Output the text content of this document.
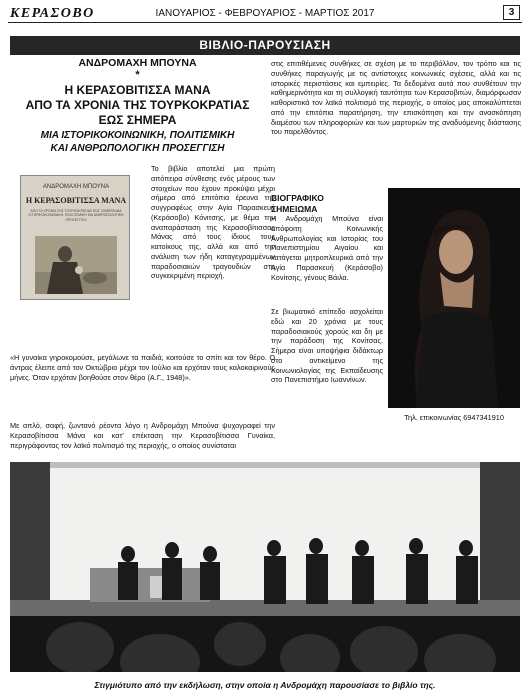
ΚΕΡΑΣΟΒΟ	ΙΑΝΟΥΑΡΙΟΣ - ΦΕΒΡΟΥΑΡΙΟΣ - ΜΑΡΤΙΟΣ 2017	3
ΒΙΒΛΙΟ-ΠΑΡΟΥΣΙΑΣΗ
ΑΝΔΡΟΜΑΧΗ ΜΠΟΥΝΑ
*
Η ΚΕΡΑΣΟΒΙΤΙΣΣΑ ΜΑΝΑ
ΑΠΟ ΤΑ ΧΡΟΝΙΑ ΤΗΣ ΤΟΥΡΚΟΚΡΑΤΙΑΣ
ΕΩΣ ΣΗΜΕΡΑ
ΜΙΑ ΙΣΤΟΡΙΚΟΚΟΙΝΩΝΙΚΗ, ΠΟΛΙΤΙΣΜΙΚΗ
ΚΑΙ ΑΝΘΡΩΠΟΛΟΓΙΚΗ ΠΡΟΣΕΓΓΙΣΗ
ΑΝΔΡΟΜΑΧΗ ΜΠΟΥΝΑ
Η ΚΕΡΑΣΟΒΙΤΙΣΣΑ ΜΑΝΑ
ΑΠΟ ΤΑ ΧΡΟΝΙΑ ΤΗΣ ΤΟΥΡΚΟΚΡΑΤΙΑΣ ΕΩΣ ΣΗΜΕΡΑ ΜΙΑ ΙΣΤΟΡΙΚΟΚΟΙΝΩΝΙΚΗ, ΠΟΛΙΤΙΣΜΙΚΗ ΚΑΙ ΑΝΘΡΩΠΟΛΟΓΙΚΗ ΠΡΟΣΕΓΓΙΣΗ
Το βιβλίο αποτελεί μια πρώτη απόπειρα σύνθεσης ενός μέρους των στοιχείων που έχουν προκύψει μέχρι σήμερα από επιτόπια έρευνα της συγγραφέως στην Αγία Παρασκευή (Κεράσοβο) Κόνιτσης, με θέμα την αναπαράσταση της Κερασοβίτισσας Μάνας από τους ίδιους τους κατοίκους της, αλλά και από την ανάλυση των ήδη καταγεγραμμένων παραδοσιακών τραγουδιών στη συγκεκριμένη περιοχή.
«Η γυναίκα γηροκομούσε, μεγάλωνε τα παιδιά, κοιτούσε το σπίτι και τον θέρο. Ο άντρας έλειπε από τον Οκτώβριο μέχρι τον Ιούλιο και ερχόταν τους καλοκαιρινούς μήνες. Όταν ερχόταν βοηθούσε στον θέρο (Α.Γ., 1948)».
Με απλό, σαφή, ζωντανό ρέοντα λόγο η Ανδρομάχη Μπούνα ψυχογραφεί την Κερασοβίτισσα Μάνα και κατ' επέκταση την Κερασοβίτισσα Γυναίκα, περιγράφοντας τον λαϊκό πολιτισμό της περιοχής, ο οποίος συνίσταται
στις επιτιθέμενες συνθήκες σε σχέση με το περιβάλλον, τον τρόπο και τις συνθήκες παραγωγής με τις αντίστοιχες κοινωνικές σχέσεις, αλλά και τις ιστορικές περιστάσεις και εμπειρίες. Τα δεδομένα αυτά που συνθέτουν την καθημερινότητα και τη συλλογική ταυτότητα των Κερασοβιτών, διαμόρφωσαν καθοριστικά τον λαϊκό πολιτισμό της περιοχής, ο οποίος μας αποκαλύπτεται από την επιτόπια παρατήρηση, την επισκόπηση και την ανασκόπηση διαμέσου των πληροφοριών και των μαρτυριών της αναδυόμενης διάστασης του παρελθόντος.
ΒΙΟΓΡΑΦΙΚΟ
ΣΗΜΕΙΩΜΑ
Η Ανδρομάχη Μπούνα είναι απόφοιτη Κοινωνικής Ανθρωπολογίας και Ιστορίας του Πανεπιστημίου Αιγαίου και κατάγεται μητροπλευρικά από την Αγία Παρασκευή (Κεράσοβο) Κονίτσης, γένους Βάιλα.
Σε βιωματικό επίπεδο ασχολείται εδώ και 20 χρόνια με τους παραδοσιακούς χορούς και δη με την παράδοση της Κονίτσας. Σήμερα είναι υποψήφια διδάκτωρ στο αντικείμενο της Κοινωνιολογίας της Εκπαίδευσης στο Πανεπιστήμιο Ιωαννίνων.
Τηλ. επικοινωνίας 6947341910
Στιγμιότυπο από την εκδήλωση, στην οποία η Ανδρομάχη παρουσίασε το βιβλίο της.
